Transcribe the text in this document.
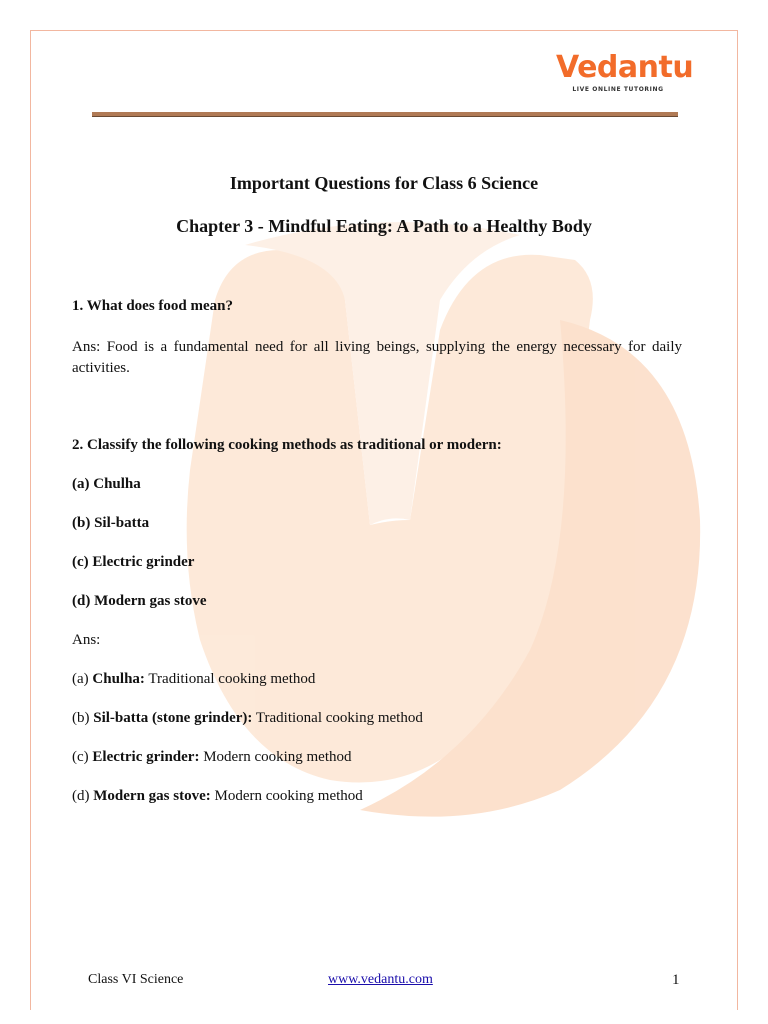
Vedantu
LIVE ONLINE TUTORING
Important Questions for Class 6 Science
Chapter 3 - Mindful Eating: A Path to a Healthy Body
1. What does food mean?
Ans: Food is a fundamental need for all living beings, supplying the energy necessary for daily activities.
2. Classify the following cooking methods as traditional or modern:
(a) Chulha
(b) Sil-batta
(c) Electric grinder
(d) Modern gas stove
Ans:
(a) Chulha: Traditional cooking method
(b) Sil-batta (stone grinder): Traditional cooking method
(c) Electric grinder: Modern cooking method
(d) Modern gas stove: Modern cooking method
Class VI Science	www.vedantu.com	1
